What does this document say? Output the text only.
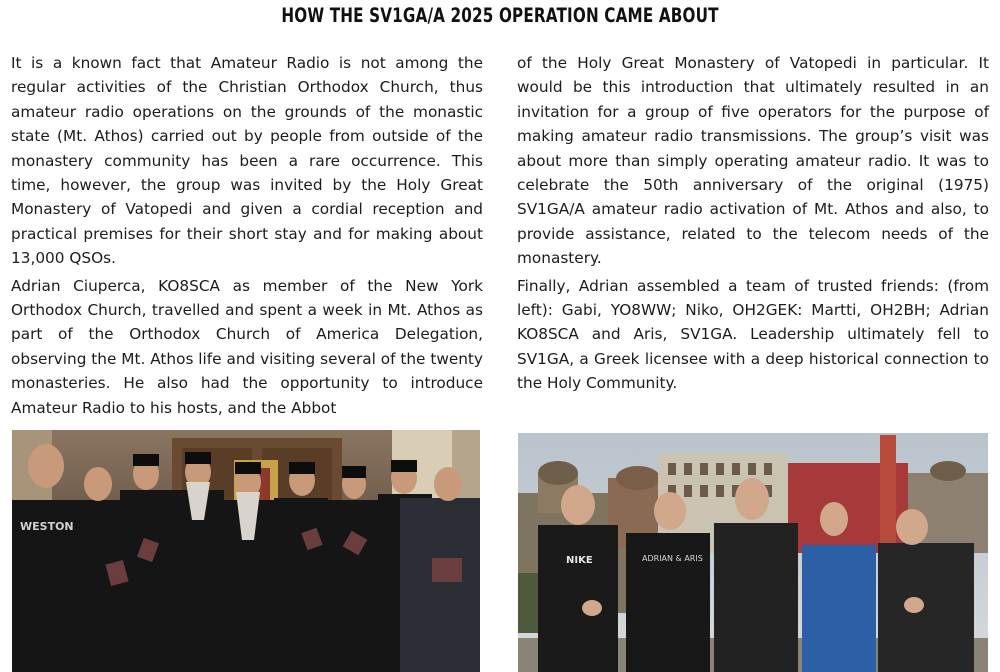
HOW THE SV1GA/A 2025 OPERATION CAME ABOUT

It is a known fact that Amateur Radio is not among the regular activities of the Christian Orthodox Church, thus amateur radio operations on the grounds of the monastic state (Mt. Athos) carried out by people from outside of the monastery community has been a rare occurrence. This time, however, the group was invited by the Holy Great Monastery of Vatopedi and given a cordial reception and practical premises for their short stay and for making about 13,000 QSOs.

Adrian Ciuperca, KO8SCA as member of the New York Orthodox Church, travelled and spent a week in Mt. Athos as part of the Orthodox Church of America Delegation, observing the Mt. Athos life and visiting several of the twenty monasteries. He also had the opportunity to introduce Amateur Radio to his hosts, and the Abbot

of the Holy Great Monastery of Vatopedi in particular. It would be this introduction that ultimately resulted in an invitation for a group of five operators for the purpose of making amateur radio transmissions. The group’s visit was about more than simply operating amateur radio. It was to celebrate the 50th anniversary of the original (1975) SV1GA/A amateur radio activation of Mt. Athos and also, to provide assistance, related to the telecom needs of the monastery.

Finally, Adrian assembled a team of trusted friends: (from left): Gabi, YO8WW; Niko, OH2GEK: Martti, OH2BH; Adrian KO8SCA and Aris, SV1GA. Leadership ultimately fell to SV1GA, a Greek licensee with a deep historical connection to the Holy Community.

WESTON
NIKE	ADRIAN & ARIS
